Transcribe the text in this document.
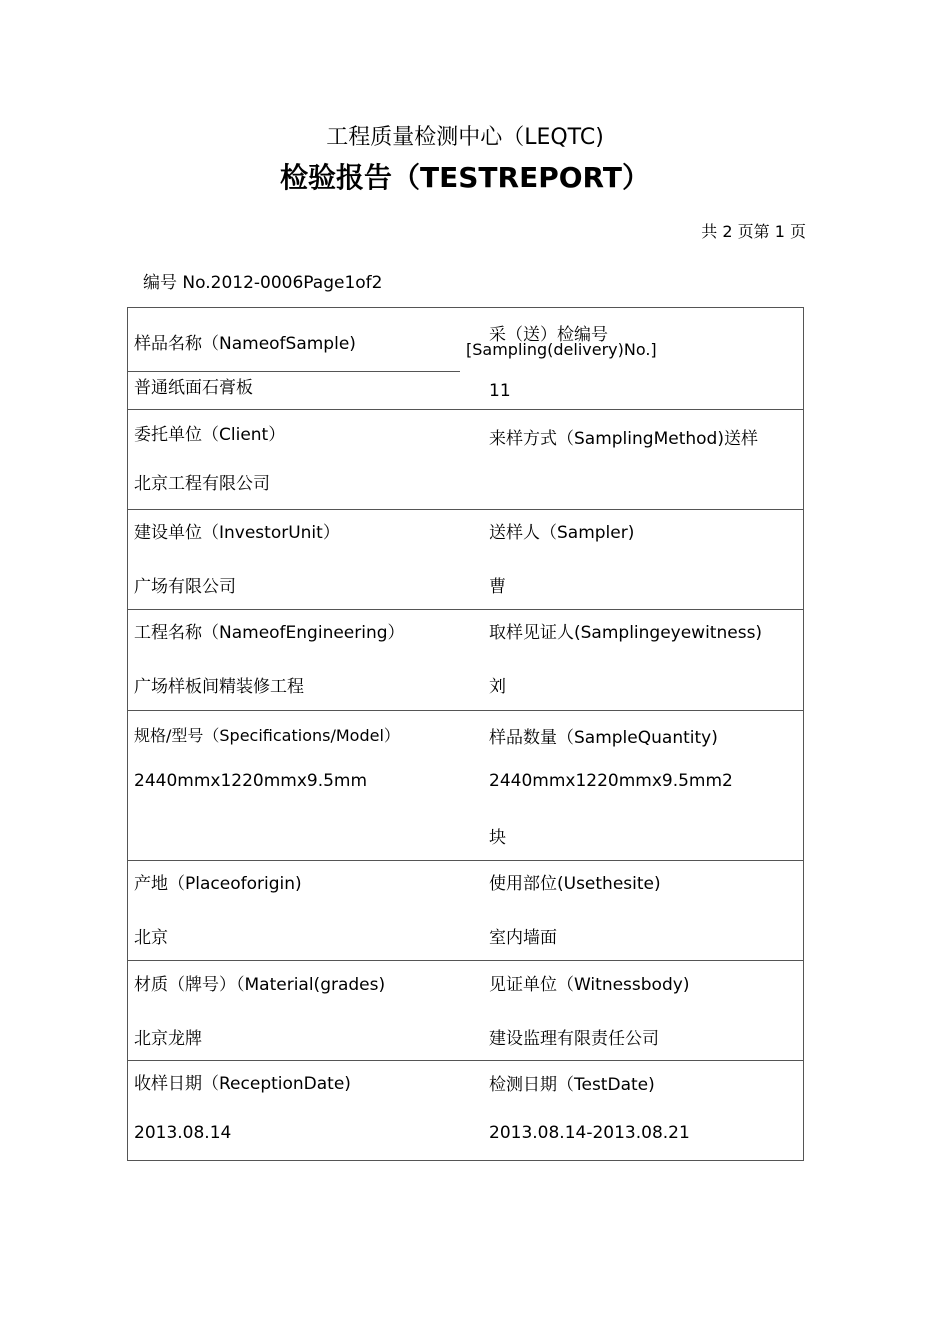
工程质量检测中心（LEQTC)
检验报告（TESTREPORT）
共 2 页第 1 页
编号 No.2012-0006Page1of2
样品名称（NameofSample)
普通纸面石膏板
采（送）检编号
[Sampling(delivery)No.]
11
委托单位（Client）
北京工程有限公司
来样方式（SamplingMethod)送样
建设单位（InvestorUnit）
广场有限公司
送样人（Sampler)
曹
工程名称（NameofEngineering）
广场样板间精装修工程
取样见证人(Samplingeyewitness)
刘
规格/型号（Specifications/Model）
2440mmx1220mmx9.5mm
样品数量（SampleQuantity)
2440mmx1220mmx9.5mm2
块
产地（Placeoforigin)
北京
使用部位(Usethesite)
室内墙面
材质（牌号）（Material(grades)
北京龙牌
见证单位（Witnessbody)
建设监理有限责任公司
收样日期（ReceptionDate)
2013.08.14
检测日期（TestDate)
2013.08.14-2013.08.21
